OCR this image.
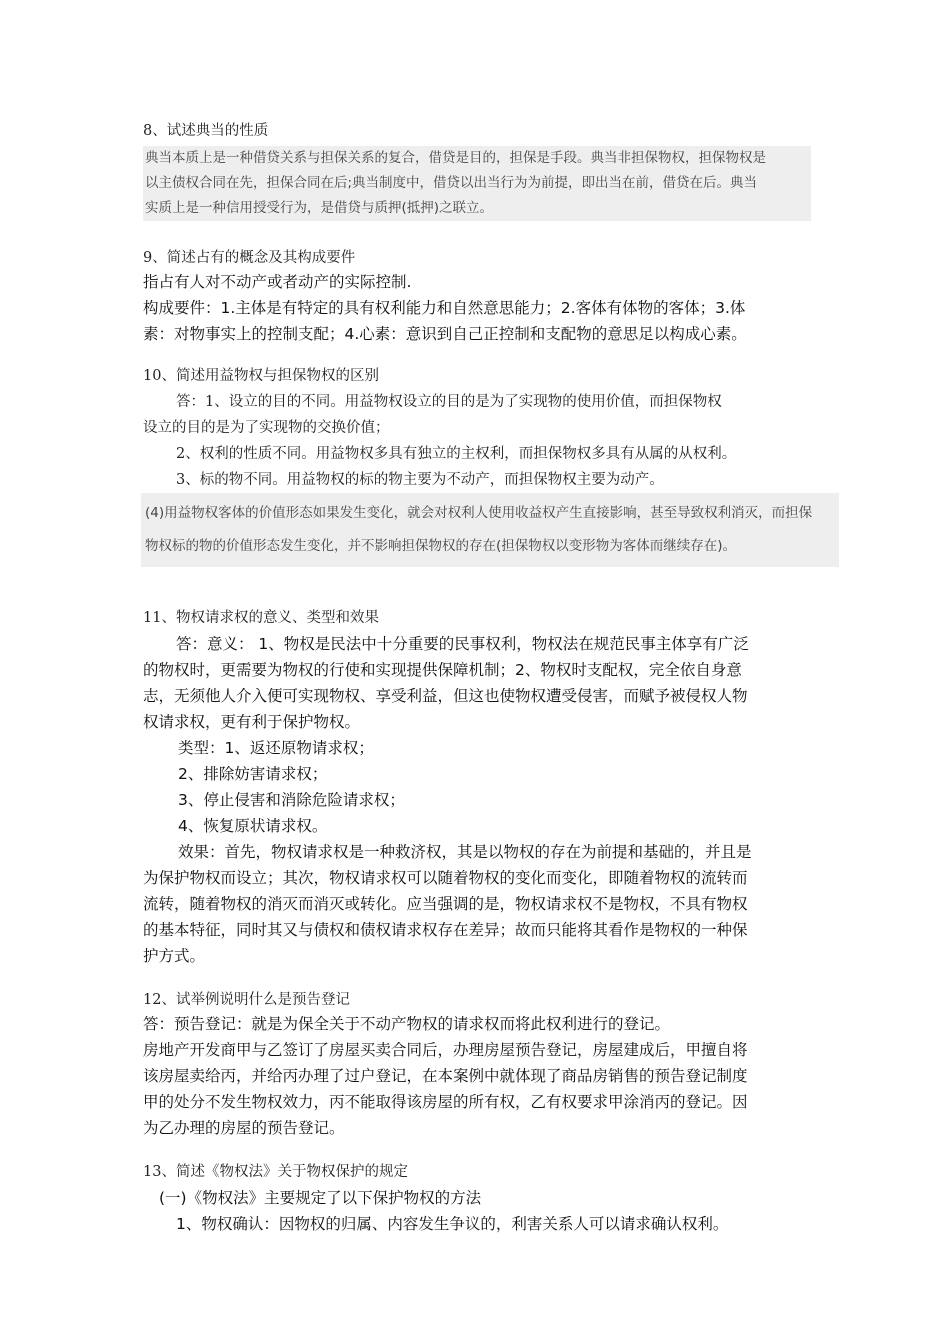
8、试述典当的性质

典当本质上是一种借贷关系与担保关系的复合，借贷是目的，担保是手段。典当非担保物权，担保物权是
以主债权合同在先，担保合同在后;典当制度中，借贷以出当行为为前提，即出当在前，借贷在后。典当
实质上是一种信用授受行为，是借贷与质押(抵押)之联立。

9、简述占有的概念及其构成要件

指占有人对不动产或者动产的实际控制.

构成要件：1.主体是有特定的具有权利能力和自然意思能力；2.客体有体物的客体；3.体

素：对物事实上的控制支配；4.心素：意识到自己正控制和支配物的意思足以构成心素。

10、简述用益物权与担保物权的区别

答：1、设立的目的不同。用益物权设立的目的是为了实现物的使用价值，而担保物权

设立的目的是为了实现物的交换价值；

2、权利的性质不同。用益物权多具有独立的主权利，而担保物权多具有从属的从权利。

3、标的物不同。用益物权的标的物主要为不动产，而担保物权主要为动产。

(4)用益物权客体的价值形态如果发生变化，就会对权利人使用收益权产生直接影响，甚至导致权利消灭，而担保
物权标的物的价值形态发生变化，并不影响担保物权的存在(担保物权以变形物为客体而继续存在)。

11、物权请求权的意义、类型和效果

答：意义： 1、物权是民法中十分重要的民事权利，物权法在规范民事主体享有广泛

的物权时，更需要为物权的行使和实现提供保障机制；2、物权时支配权，完全依自身意

志，无须他人介入便可实现物权、享受利益，但这也使物权遭受侵害，而赋予被侵权人物

权请求权，更有利于保护物权。

类型：1、返还原物请求权；

2、排除妨害请求权；

3、停止侵害和消除危险请求权；

4、恢复原状请求权。

效果：首先，物权请求权是一种救济权，其是以物权的存在为前提和基础的，并且是

为保护物权而设立；其次，物权请求权可以随着物权的变化而变化，即随着物权的流转而

流转，随着物权的消灭而消灭或转化。应当强调的是，物权请求权不是物权，不具有物权

的基本特征，同时其又与债权和债权请求权存在差异；故而只能将其看作是物权的一种保

护方式。

12、试举例说明什么是预告登记

答：预告登记：就是为保全关于不动产物权的请求权而将此权利进行的登记。

房地产开发商甲与乙签订了房屋买卖合同后，办理房屋预告登记，房屋建成后，甲擅自将

该房屋卖给丙，并给丙办理了过户登记，在本案例中就体现了商品房销售的预告登记制度

甲的处分不发生物权效力，丙不能取得该房屋的所有权，乙有权要求甲涂消丙的登记。因

为乙办理的房屋的预告登记。

13、简述《物权法》关于物权保护的规定

(一)《物权法》主要规定了以下保护物权的方法

1、物权确认：因物权的归属、内容发生争议的，利害关系人可以请求确认权利。
